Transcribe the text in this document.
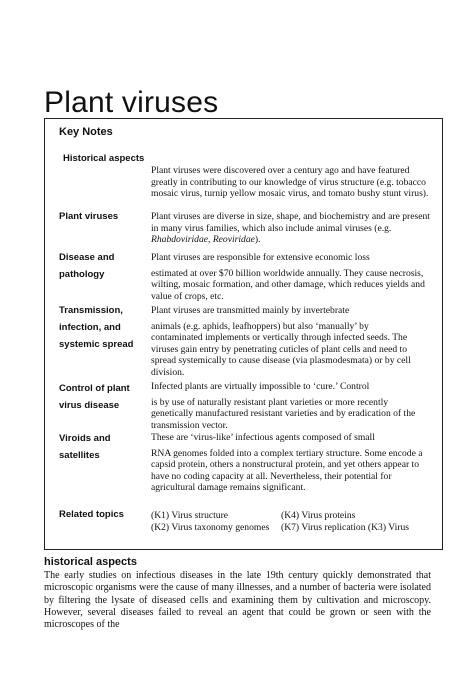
Plant viruses
Key Notes
Historical aspects

Plant viruses were discovered over a century ago and have featured greatly in contributing to our knowledge of virus structure (e.g. tobacco mosaic virus, turnip yellow mosaic virus, and tomato bushy stunt virus).

Plant viruses	Plant viruses are diverse in size, shape, and biochemistry and are present in many virus families, which also include animal viruses (e.g. Rhabdoviridae, Reoviridae).

Disease and pathology

Plant viruses are responsible for extensive economic loss

estimated at over $70 billion worldwide annually. They cause necrosis, wilting, mosaic formation, and other damage, which reduces yields and value of crops, etc.

Transmission, infection, and systemic spread

Plant viruses are transmitted mainly by invertebrate

animals (e.g. aphids, leafhoppers) but also ‘manually’ by

contaminated implements or vertically through infected seeds. The viruses gain entry by penetrating cuticles of plant cells and need to spread systemically to cause disease (via plasmodesmata) or by cell division.

Control of plant virus disease

Infected plants are virtually impossible to ‘cure.’ Control

is by use of naturally resistant plant varieties or more recently genetically manufactured resistant varieties and by eradication of the transmission vector.

Viroids and satellites

These are ‘virus-like’ infectious agents composed of small

RNA genomes folded into a complex tertiary structure. Some encode a capsid protein, others a nonstructural protein, and yet others appear to have no coding capacity at all. Nevertheless, their potential for agricultural damage remains significant.

Related topics	(K1) Virus structure
(K2) Virus taxonomy genomes
(K4) Virus proteins
(K7) Virus replication (K3) Virus
historical aspects

The early studies on infectious diseases in the late 19th century quickly demonstrated that microscopic organisms were the cause of many illnesses, and a number of bacteria were isolated by filtering the lysate of diseased cells and examining them by cultivation and microscopy. However, several diseases failed to reveal an agent that could be grown or seen with the microscopes of the
